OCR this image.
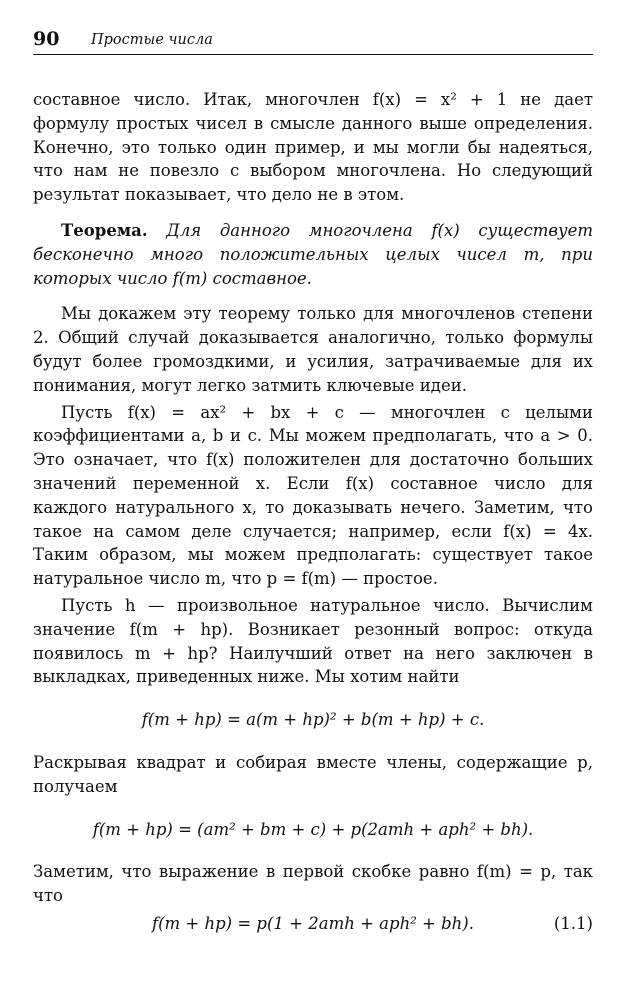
90 Простые числа

составное число. Итак, многочлен f(x) = x² + 1 не дает формулу простых чисел в смысле данного выше определения. Конечно, это только один пример, и мы могли бы надеяться, что нам не повезло с выбором многочлена. Но следующий результат показывает, что дело не в этом.

Теорема. Для данного многочлена f(x) существует бесконечно много положительных целых чисел m, при которых число f(m) составное.

Мы докажем эту теорему только для многочленов степени 2. Общий случай доказывается аналогично, только формулы будут более громоздкими, и усилия, затрачиваемые для их понимания, могут легко затмить ключевые идеи.

Пусть f(x) = ax² + bx + c — многочлен с целыми коэффициентами a, b и c. Мы можем предполагать, что a > 0. Это означает, что f(x) положителен для достаточно больших значений переменной x. Если f(x) составное число для каждого натурального x, то доказывать нечего. Заметим, что такое на самом деле случается; например, если f(x) = 4x. Таким образом, мы можем предполагать: существует такое натуральное число m, что p = f(m) — простое.

Пусть h — произвольное натуральное число. Вычислим значение f(m + hp). Возникает резонный вопрос: откуда появилось m + hp? Наилучший ответ на него заключен в выкладках, приведенных ниже. Мы хотим найти

f(m + hp) = a(m + hp)² + b(m + hp) + c.

Раскрывая квадрат и собирая вместе члены, содержащие p, получаем

f(m + hp) = (am² + bm + c) + p(2amh + aph² + bh).

Заметим, что выражение в первой скобке равно f(m) = p, так что

f(m + hp) = p(1 + 2amh + aph² + bh).	(1.1)
